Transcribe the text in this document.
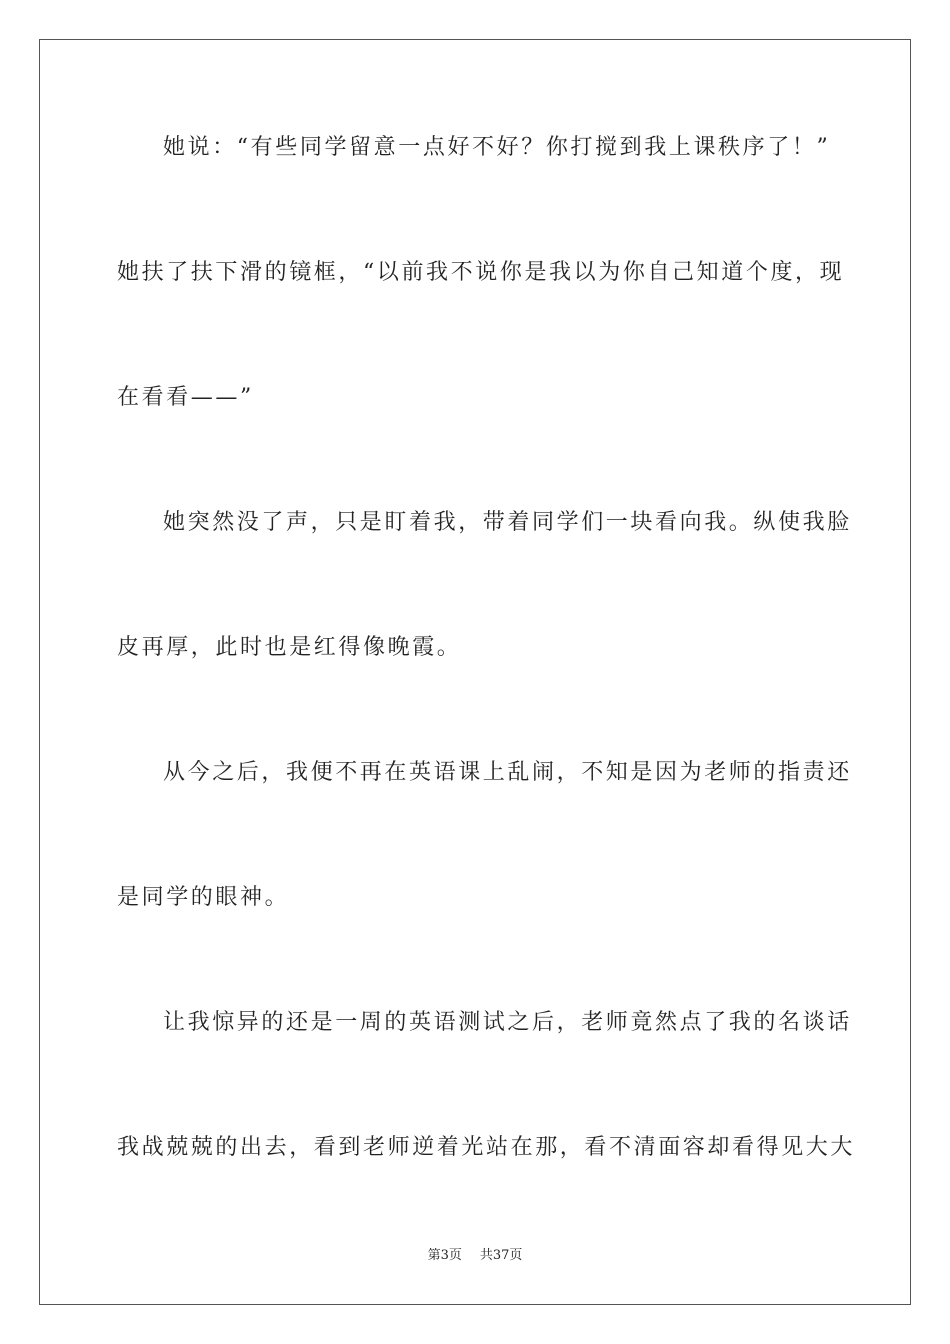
她说：“有些同学留意一点好不好？你打搅到我上课秩序了！”
她扶了扶下滑的镜框，“以前我不说你是我以为你自己知道个度，现
在看看——”
她突然没了声，只是盯着我，带着同学们一块看向我。纵使我脸
皮再厚，此时也是红得像晚霞。
从今之后，我便不再在英语课上乱闹，不知是因为老师的指责还
是同学的眼神。
让我惊异的还是一周的英语测试之后，老师竟然点了我的名谈话
我战兢兢的出去，看到老师逆着光站在那，看不清面容却看得见大大
第3页 共37页
